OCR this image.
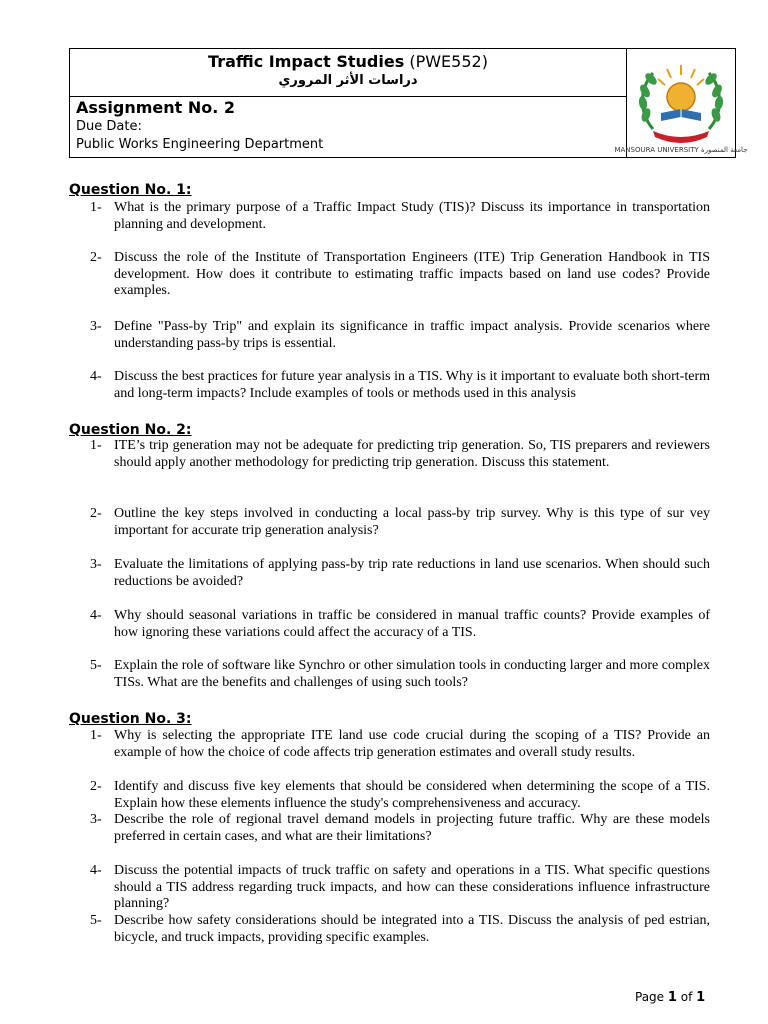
Traffic Impact Studies (PWE552)
دراسات الأثر المروري
Assignment No. 2
Due Date:
Public Works Engineering Department	MANSOURA UNIVERSITY جامعة المنصورة
Question No. 1:
1- What is the primary purpose of a Traffic Impact Study (TIS)? Discuss its importance in transportation planning and development.
2- Discuss the role of the Institute of Transportation Engineers (ITE) Trip Generation Handbook in TIS development. How does it contribute to estimating traffic impacts based on land use codes? Provide examples.
3- Define "Pass-by Trip" and explain its significance in traffic impact analysis. Provide scenarios where understanding pass-by trips is essential.
4- Discuss the best practices for future year analysis in a TIS. Why is it important to evaluate both short-term and long-term impacts? Include examples of tools or methods used in this analysis
Question No. 2:
1- ITE’s trip generation may not be adequate for predicting trip generation. So, TIS preparers and reviewers should apply another methodology for predicting trip generation. Discuss this statement.
2- Outline the key steps involved in conducting a local pass-by trip survey. Why is this type of sur vey important for accurate trip generation analysis?
3- Evaluate the limitations of applying pass-by trip rate reductions in land use scenarios. When should such reductions be avoided?
4- Why should seasonal variations in traffic be considered in manual traffic counts? Provide examples of how ignoring these variations could affect the accuracy of a TIS.
5- Explain the role of software like Synchro or other simulation tools in conducting larger and more complex TISs. What are the benefits and challenges of using such tools?
Question No. 3:
1- Why is selecting the appropriate ITE land use code crucial during the scoping of a TIS? Provide an example of how the choice of code affects trip generation estimates and overall study results.
2- Identify and discuss five key elements that should be considered when determining the scope of a TIS. Explain how these elements influence the study's comprehensiveness and accuracy.
3- Describe the role of regional travel demand models in projecting future traffic. Why are these models preferred in certain cases, and what are their limitations?
4- Discuss the potential impacts of truck traffic on safety and operations in a TIS. What specific questions should a TIS address regarding truck impacts, and how can these considerations influence infrastructure planning?
5- Describe how safety considerations should be integrated into a TIS. Discuss the analysis of ped estrian, bicycle, and truck impacts, providing specific examples.
Page 1 of 1
